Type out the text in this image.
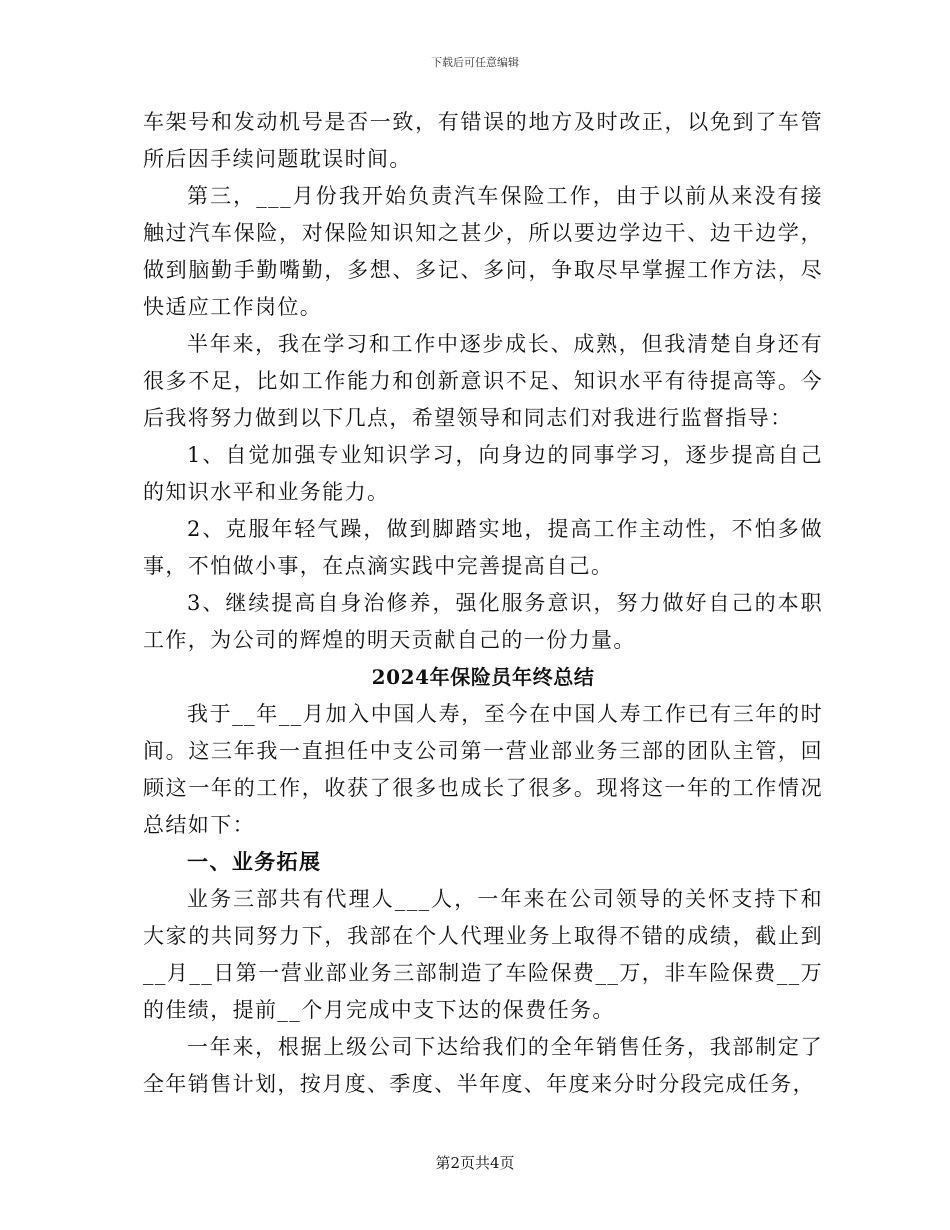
下载后可任意编辑

车架号和发动机号是否一致，有错误的地方及时改正，以免到了车管所后因手续问题耽误时间。

第三，___月份我开始负责汽车保险工作，由于以前从来没有接触过汽车保险，对保险知识知之甚少，所以要边学边干、边干边学，做到脑勤手勤嘴勤，多想、多记、多问，争取尽早掌握工作方法，尽快适应工作岗位。

半年来，我在学习和工作中逐步成长、成熟，但我清楚自身还有很多不足，比如工作能力和创新意识不足、知识水平有待提高等。今后我将努力做到以下几点，希望领导和同志们对我进行监督指导：

1、自觉加强专业知识学习，向身边的同事学习，逐步提高自己的知识水平和业务能力。

2、克服年轻气躁，做到脚踏实地，提高工作主动性，不怕多做事，不怕做小事，在点滴实践中完善提高自己。

3、继续提高自身治修养，强化服务意识，努力做好自己的本职工作，为公司的辉煌的明天贡献自己的一份力量。

2024年保险员年终总结

我于__年__月加入中国人寿，至今在中国人寿工作已有三年的时间。这三年我一直担任中支公司第一营业部业务三部的团队主管，回顾这一年的工作，收获了很多也成长了很多。现将这一年的工作情况总结如下：

一、业务拓展

业务三部共有代理人___人，一年来在公司领导的关怀支持下和大家的共同努力下，我部在个人代理业务上取得不错的成绩，截止到__月__日第一营业部业务三部制造了车险保费__万，非车险保费__万的佳绩，提前__个月完成中支下达的保费任务。

一年来，根据上级公司下达给我们的全年销售任务，我部制定了全年销售计划，按月度、季度、半年度、年度来分时分段完成任务，

第2页共4页
